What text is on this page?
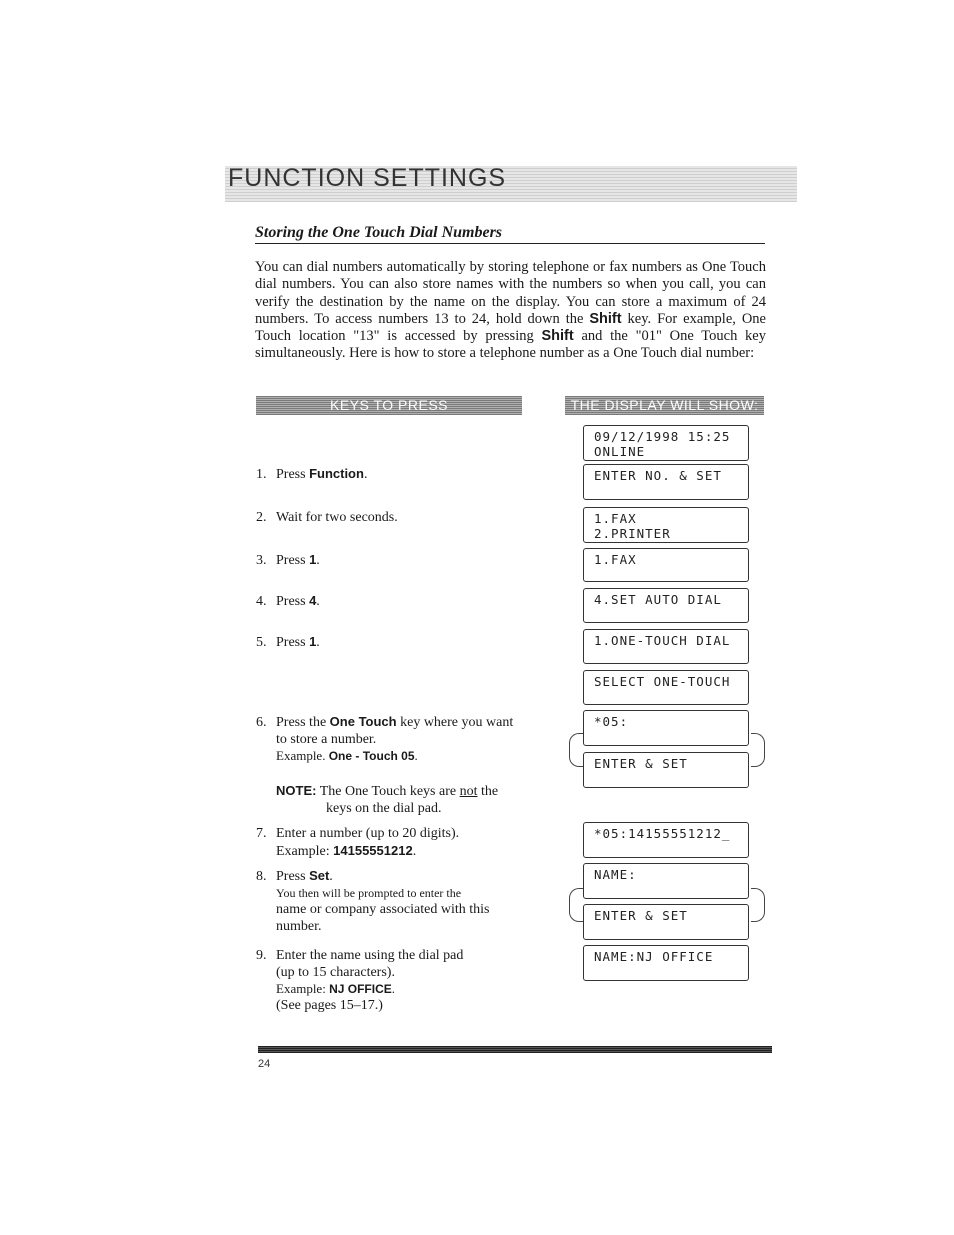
FUNCTION SETTINGS
Storing the One Touch Dial Numbers
You can dial numbers automatically by storing telephone or fax numbers as One Touch dial numbers. You can also store names with the numbers so when you call, you can verify the destination by the name on the display. You can store a maximum of 24 numbers. To access numbers 13 to 24, hold down the Shift key. For example, One Touch location "13" is accessed by pressing Shift and the "01" One Touch key simultaneously. Here is how to store a telephone number as a One Touch dial number:
KEYS TO PRESS	THE DISPLAY WILL SHOW:
1. Press Function.
2. Wait for two seconds.
3. Press 1.
4. Press 4.
5. Press 1.
6. Press the One Touch key where you want
to store a number.
Example. One - Touch 05.
NOTE: The One Touch keys are not the
keys on the dial pad.
7. Enter a number (up to 20 digits).
Example: 14155551212.
8. Press Set.
You then will be prompted to enter the
name or company associated with this
number.
9. Enter the name using the dial pad
(up to 15 characters).
Example: NJ OFFICE.
(See pages 15–17.)
09/12/1998 15:25
ONLINE
ENTER NO. & SET
1.FAX
2.PRINTER
1.FAX
4.SET AUTO DIAL
1.ONE-TOUCH DIAL
SELECT ONE-TOUCH
*05:
ENTER & SET
*05:14155551212_
NAME:
ENTER & SET
NAME:NJ OFFICE
24
